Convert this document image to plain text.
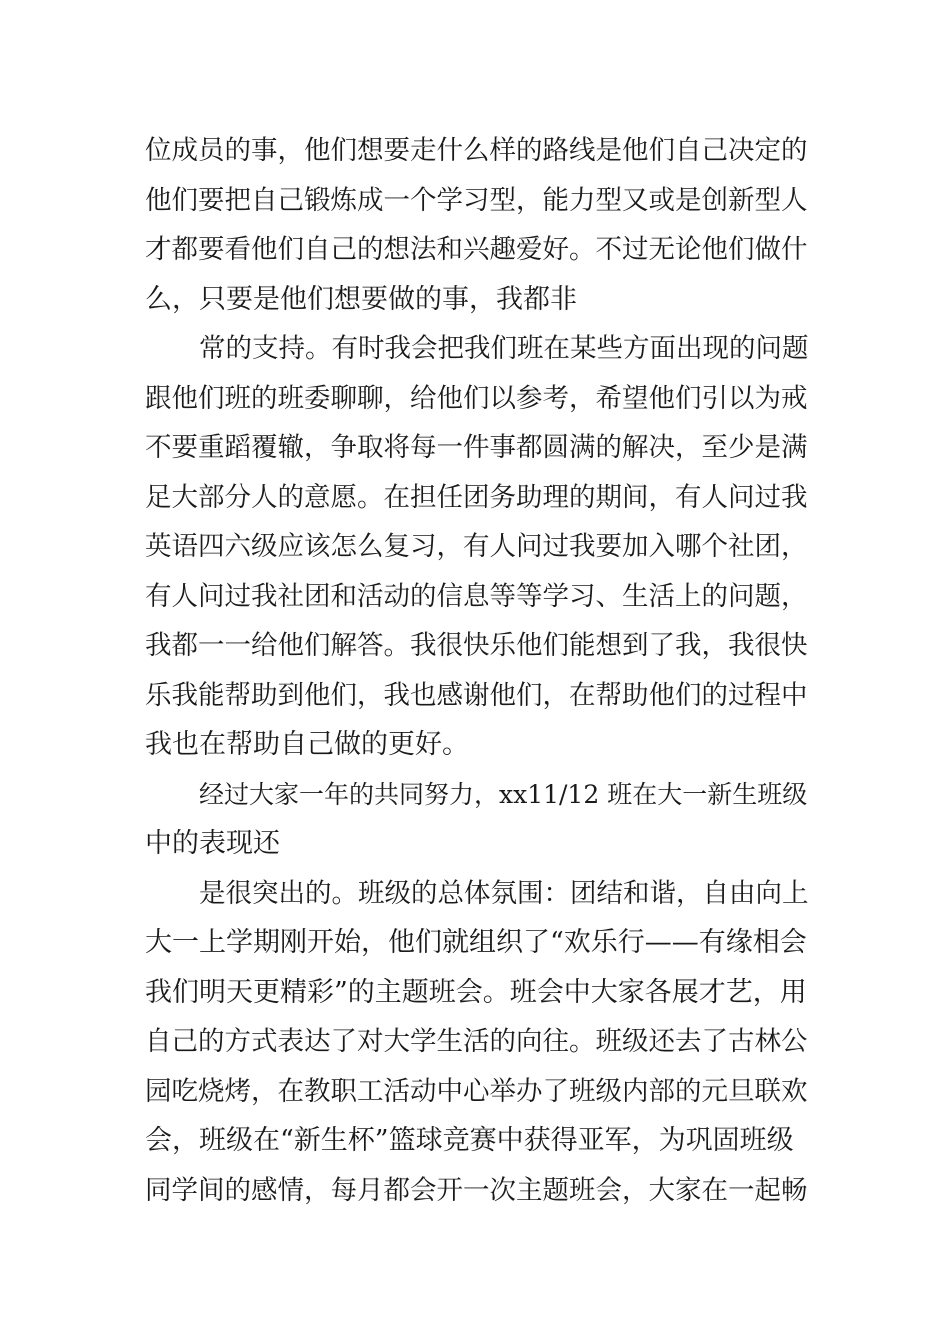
位成员的事，他们想要走什么样的路线是他们自己决定的
他们要把自己锻炼成一个学习型，能力型又或是创新型人
才都要看他们自己的想法和兴趣爱好。不过无论他们做什
么，只要是他们想要做的事，我都非
常的支持。有时我会把我们班在某些方面出现的问题
跟他们班的班委聊聊，给他们以参考，希望他们引以为戒
不要重蹈覆辙，争取将每一件事都圆满的解决，至少是满
足大部分人的意愿。在担任团务助理的期间，有人问过我
英语四六级应该怎么复习，有人问过我要加入哪个社团，
有人问过我社团和活动的信息等等学习、生活上的问题，
我都一一给他们解答。我很快乐他们能想到了我，我很快
乐我能帮助到他们，我也感谢他们，在帮助他们的过程中
我也在帮助自己做的更好。
经过大家一年的共同努力，xx11/12 班在大一新生班级
中的表现还
是很突出的。班级的总体氛围：团结和谐，自由向上
大一上学期刚开始，他们就组织了“欢乐行——有缘相会
我们明天更精彩”的主题班会。班会中大家各展才艺，用
自己的方式表达了对大学生活的向往。班级还去了古林公
园吃烧烤，在教职工活动中心举办了班级内部的元旦联欢
会，班级在“新生杯”篮球竞赛中获得亚军，为巩固班级
同学间的感情，每月都会开一次主题班会，大家在一起畅
